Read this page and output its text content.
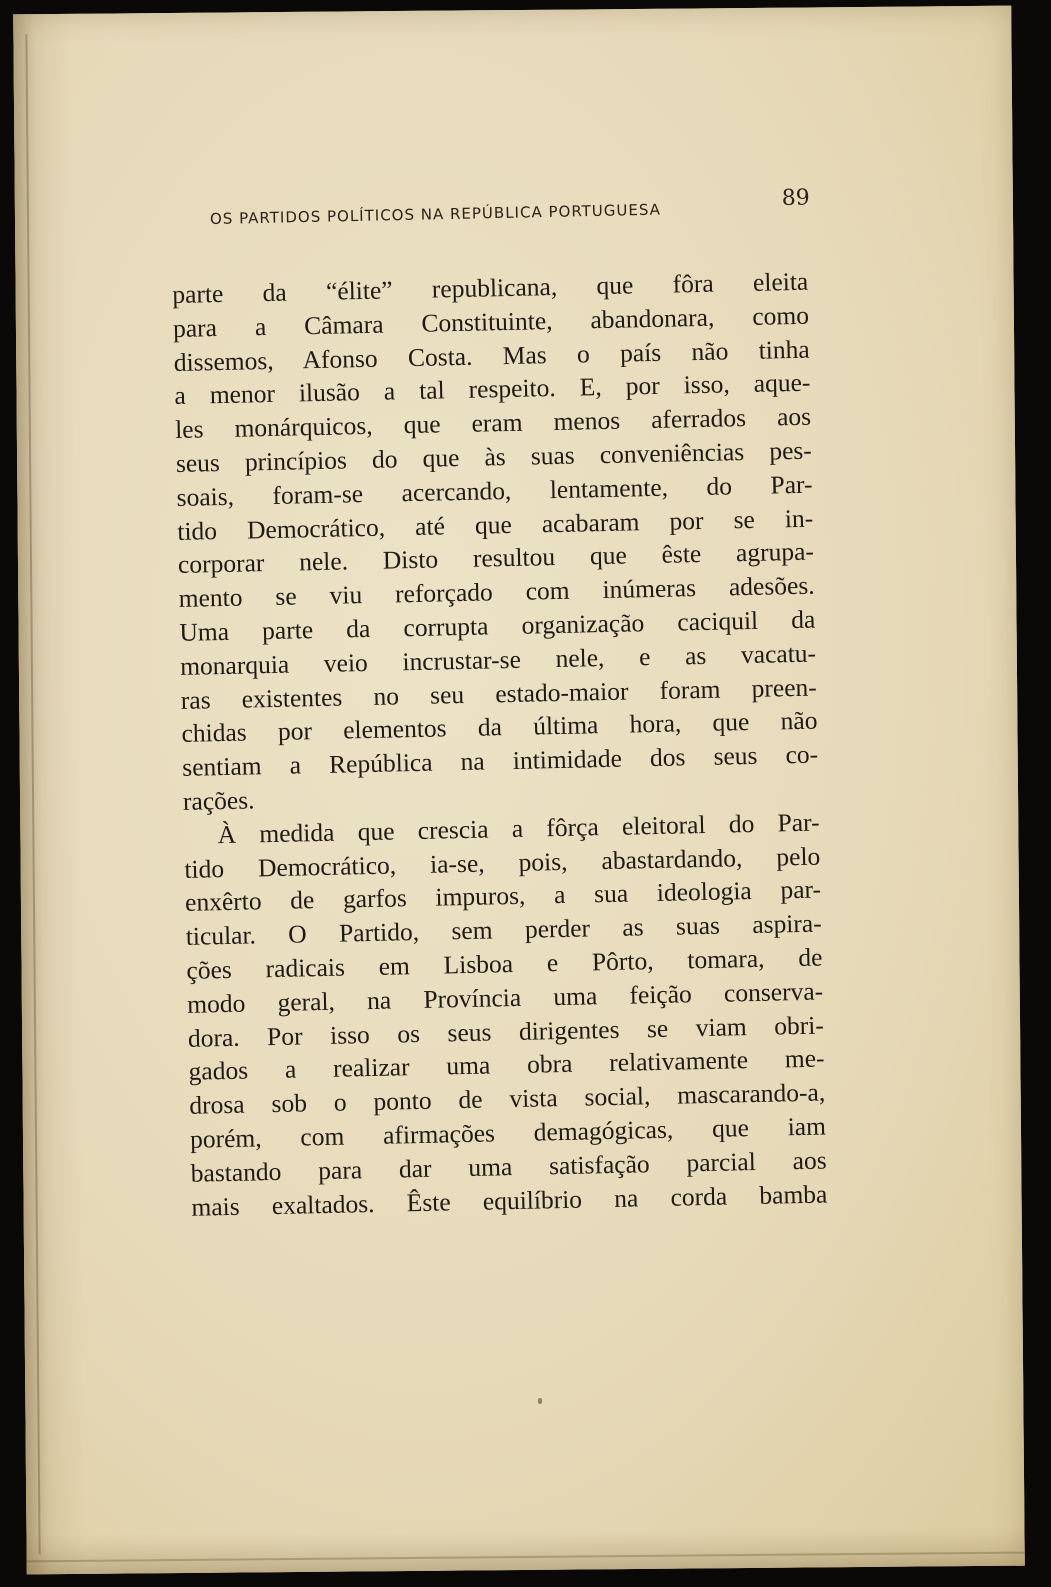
OS PARTIDOS POLÍTICOS NA REPÚBLICA PORTUGUESA
89
parte da “élite” republicana, que fôra eleita
para a Câmara Constituinte, abandonara, como
dissemos, Afonso Costa. Mas o país não tinha
a menor ilusão a tal respeito. E, por isso, aque-
les monárquicos, que eram menos aferrados aos
seus princípios do que às suas conveniências pes-
soais, foram-se acercando, lentamente, do Par-
tido Democrático, até que acabaram por se in-
corporar nele. Disto resultou que êste agrupa-
mento se viu reforçado com inúmeras adesões.
Uma parte da corrupta organização caciquil da
monarquia veio incrustar-se nele, e as vacatu-
ras existentes no seu estado-maior foram preen-
chidas por elementos da última hora, que não
sentiam a República na intimidade dos seus co-
rações.
À medida que crescia a fôrça eleitoral do Par-
tido Democrático, ia-se, pois, abastardando, pelo
enxêrto de garfos impuros, a sua ideologia par-
ticular. O Partido, sem perder as suas aspira-
ções radicais em Lisboa e Pôrto, tomara, de
modo geral, na Província uma feição conserva-
dora. Por isso os seus dirigentes se viam obri-
gados a realizar uma obra relativamente me-
drosa sob o ponto de vista social, mascarando-a,
porém, com afirmações demagógicas, que iam
bastando para dar uma satisfação parcial aos
mais exaltados. Êste equilíbrio na corda bamba
